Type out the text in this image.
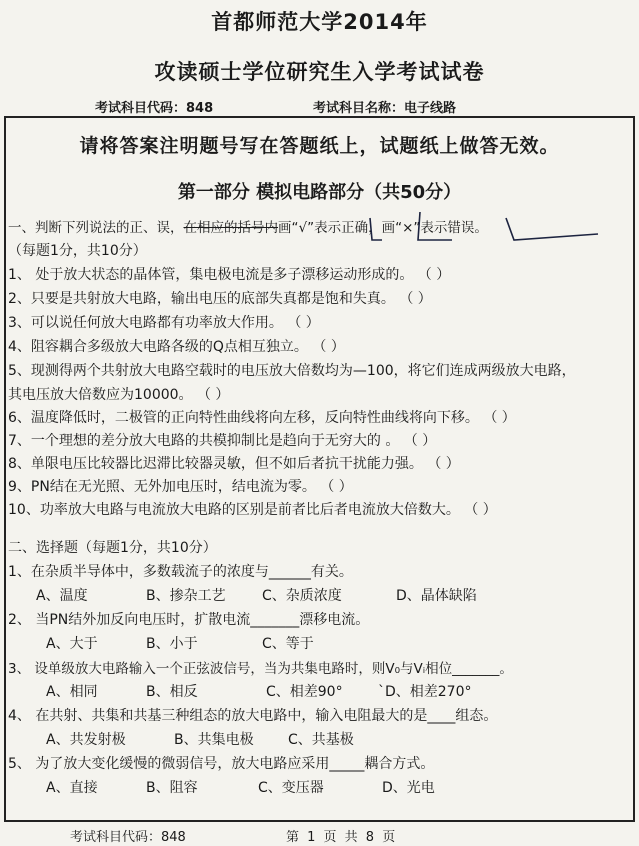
首都师范大学2014年
攻读硕士学位研究生入学考试试卷
考试科目代码：848	考试科目名称：电子线路
请将答案注明题号写在答题纸上，试题纸上做答无效。
第一部分 模拟电路部分（共50分）
一、判断下列说法的正、误，在相应的括号内画“√”表示正确，画“×”表示错误。
（每题1分，共10分）
1、 处于放大状态的晶体管，集电极电流是多子漂移运动形成的。 （ ）
2、只要是共射放大电路，输出电压的底部失真都是饱和失真。 （ ）
3、可以说任何放大电路都有功率放大作用。 （ ）
4、阻容耦合多级放大电路各级的Q点相互独立。 （ ）
5、现测得两个共射放大电路空载时的电压放大倍数均为—100，将它们连成两级放大电路，
其电压放大倍数应为10000。 （ ）
6、温度降低时，二极管的正向特性曲线将向左移，反向特性曲线将向下移。 （ ）
7、一个理想的差分放大电路的共模抑制比是趋向于无穷大的 。 （ ）
8、单限电压比较器比迟滞比较器灵敏，但不如后者抗干扰能力强。 （ ）
9、PN结在无光照、无外加电压时，结电流为零。 （ ）
10、功率放大电路与电流放大电路的区别是前者比后者电流放大倍数大。 （ ）
二、选择题（每题1分，共10分）
1、在杂质半导体中，多数载流子的浓度与______有关。
A、温度	B、掺杂工艺	C、杂质浓度	D、晶体缺陷
2、 当PN结外加反向电压时，扩散电流_______漂移电流。
A、大于	B、小于	C、等于
3、 设单级放大电路输入一个正弦波信号，当为共集电路时，则V₀与Vᵢ相位_______。
A、相同	B、相反	C、相差90°	`D、相差270°
4、 在共射、共集和共基三种组态的放大电路中，输入电阻最大的是____组态。
A、共发射极	B、共集电极 C、共基极
5、 为了放大变化缓慢的微弱信号，放大电路应采用_____耦合方式。
A、直接	B、阻容	C、变压器	D、光电
考试科目代码：848	第 1 页 共 8 页
